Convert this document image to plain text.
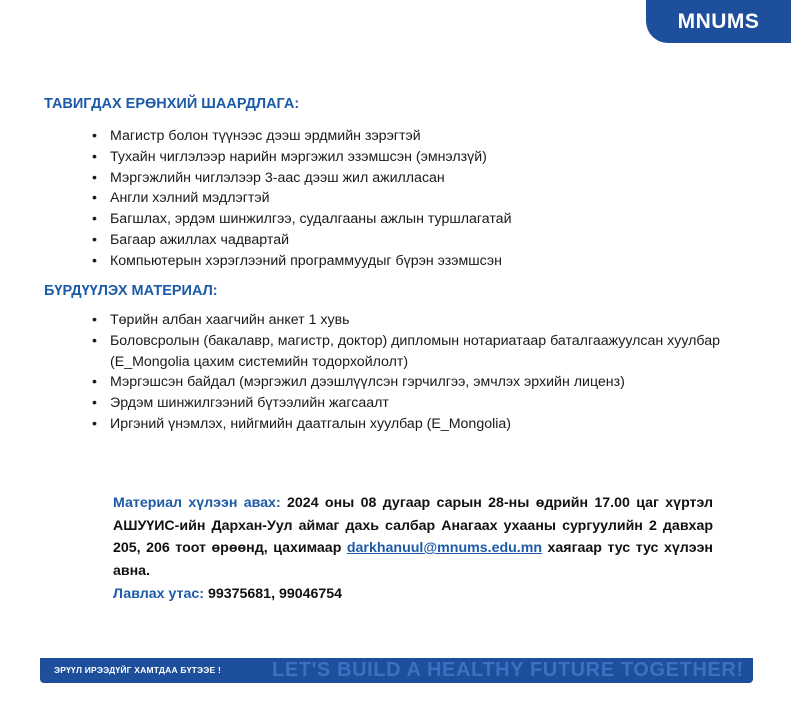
MNUMS
ТАВИГДАХ ЕРӨНХИЙ ШААРДЛАГА:
• Магистр болон түүнээс дээш эрдмийн зэрэгтэй
• Тухайн чиглэлээр нарийн мэргэжил эзэмшсэн (эмнэлзүй)
• Мэргэжлийн чиглэлээр 3-аас дээш жил ажилласан
• Англи хэлний мэдлэгтэй
• Багшлах, эрдэм шинжилгээ, судалгааны ажлын туршлагатай
• Багаар ажиллах чадвартай
• Компьютерын хэрэглээний программуудыг бүрэн эзэмшсэн
БҮРДҮҮЛЭХ МАТЕРИАЛ:
• Төрийн албан хаагчийн анкет 1 хувь
• Боловсролын (бакалавр, магистр, доктор) дипломын нотариатаар баталгаажуулсан хуулбар (E_Mongolia цахим системийн тодорхойлолт)
• Мэргэшсэн байдал (мэргэжил дээшлүүлсэн гэрчилгээ, эмчлэх эрхийн лиценз)
• Эрдэм шинжилгээний бүтээлийн жагсаалт
• Иргэний үнэмлэх, нийгмийн даатгалын хуулбар (E_Mongolia)
Материал хүлээн авах: 2024 оны 08 дугаар сарын 28-ны өдрийн 17.00 цаг хүртэл АШУҮИС-ийн Дархан-Уул аймаг дахь салбар Анагаах ухааны сургуулийн 2 давхар 205, 206 тоот өрөөнд, цахимаар darkhanuul@mnums.edu.mn хаягаар тус тус хүлээн авна.
Лавлах утас: 99375681, 99046754
ЭРҮҮЛ ИРЭЭДҮЙГ ХАМТДАА БҮТЭЭЕ !	LET'S BUILD A HEALTHY FUTURE TOGETHER!
